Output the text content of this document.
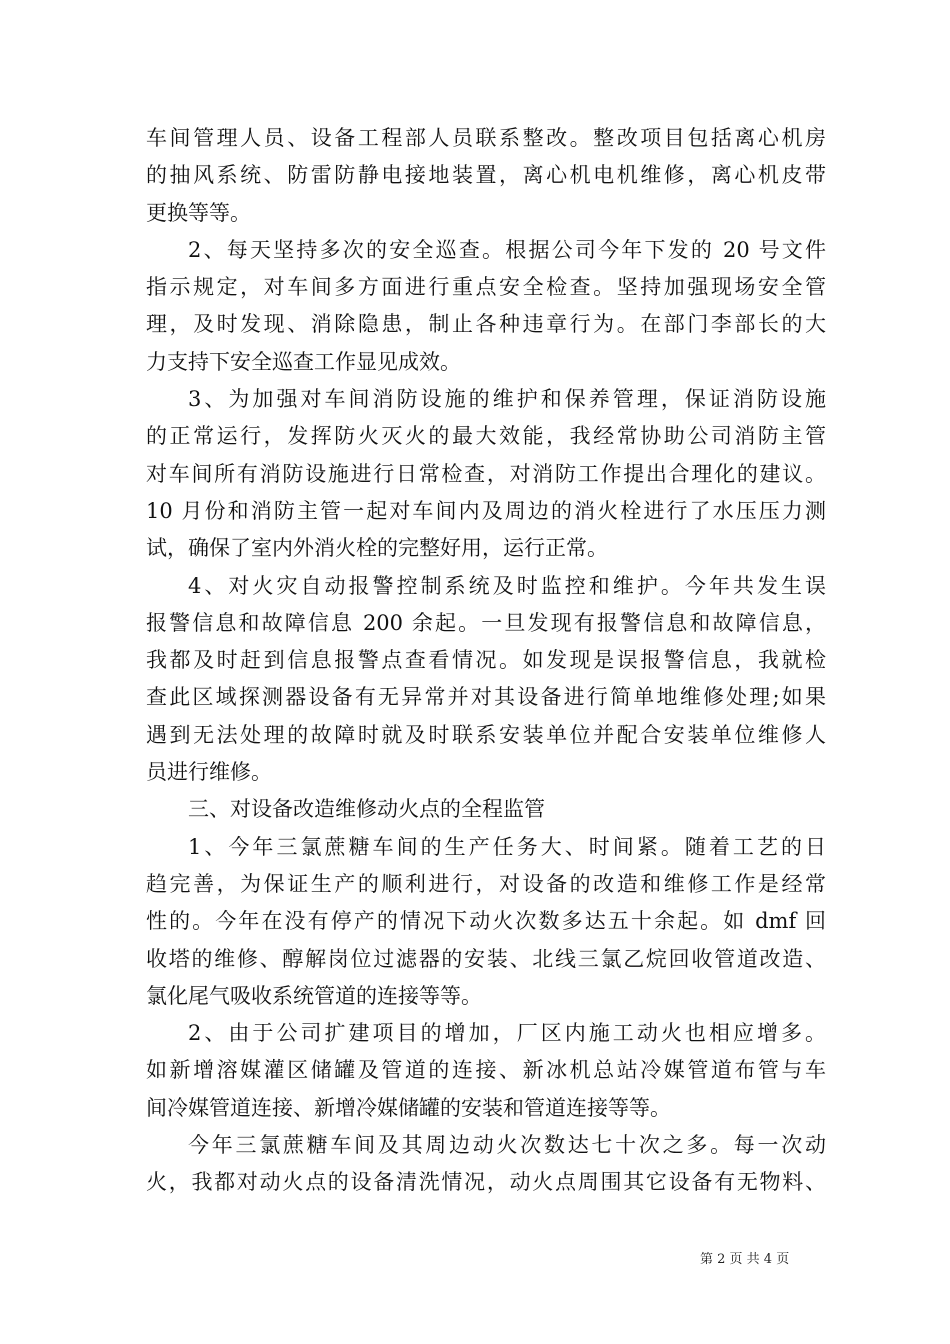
车间管理人员、设备工程部人员联系整改。整改项目包括离心机房
的抽风系统、防雷防静电接地装置，离心机电机维修，离心机皮带
更换等等。
2、每天坚持多次的安全巡查。根据公司今年下发的 20 号文件
指示规定，对车间多方面进行重点安全检查。坚持加强现场安全管
理，及时发现、消除隐患，制止各种违章行为。在部门李部长的大
力支持下安全巡查工作显见成效。
3、为加强对车间消防设施的维护和保养管理，保证消防设施
的正常运行，发挥防火灭火的最大效能，我经常协助公司消防主管
对车间所有消防设施进行日常检查，对消防工作提出合理化的建议。
10 月份和消防主管一起对车间内及周边的消火栓进行了水压压力测
试，确保了室内外消火栓的完整好用，运行正常。
4、对火灾自动报警控制系统及时监控和维护。今年共发生误
报警信息和故障信息 200 余起。一旦发现有报警信息和故障信息，
我都及时赶到信息报警点查看情况。如发现是误报警信息，我就检
查此区域探测器设备有无异常并对其设备进行简单地维修处理;如果
遇到无法处理的故障时就及时联系安装单位并配合安装单位维修人
员进行维修。
三、对设备改造维修动火点的全程监管
1、今年三氯蔗糖车间的生产任务大、时间紧。随着工艺的日
趋完善，为保证生产的顺利进行，对设备的改造和维修工作是经常
性的。今年在没有停产的情况下动火次数多达五十余起。如 dmf 回
收塔的维修、醇解岗位过滤器的安装、北线三氯乙烷回收管道改造、
氯化尾气吸收系统管道的连接等等。
2、由于公司扩建项目的增加，厂区内施工动火也相应增多。
如新增溶媒灌区储罐及管道的连接、新冰机总站冷媒管道布管与车
间冷媒管道连接、新增冷媒储罐的安装和管道连接等等。
今年三氯蔗糖车间及其周边动火次数达七十次之多。每一次动
火，我都对动火点的设备清洗情况，动火点周围其它设备有无物料、
第 2 页 共 4 页
